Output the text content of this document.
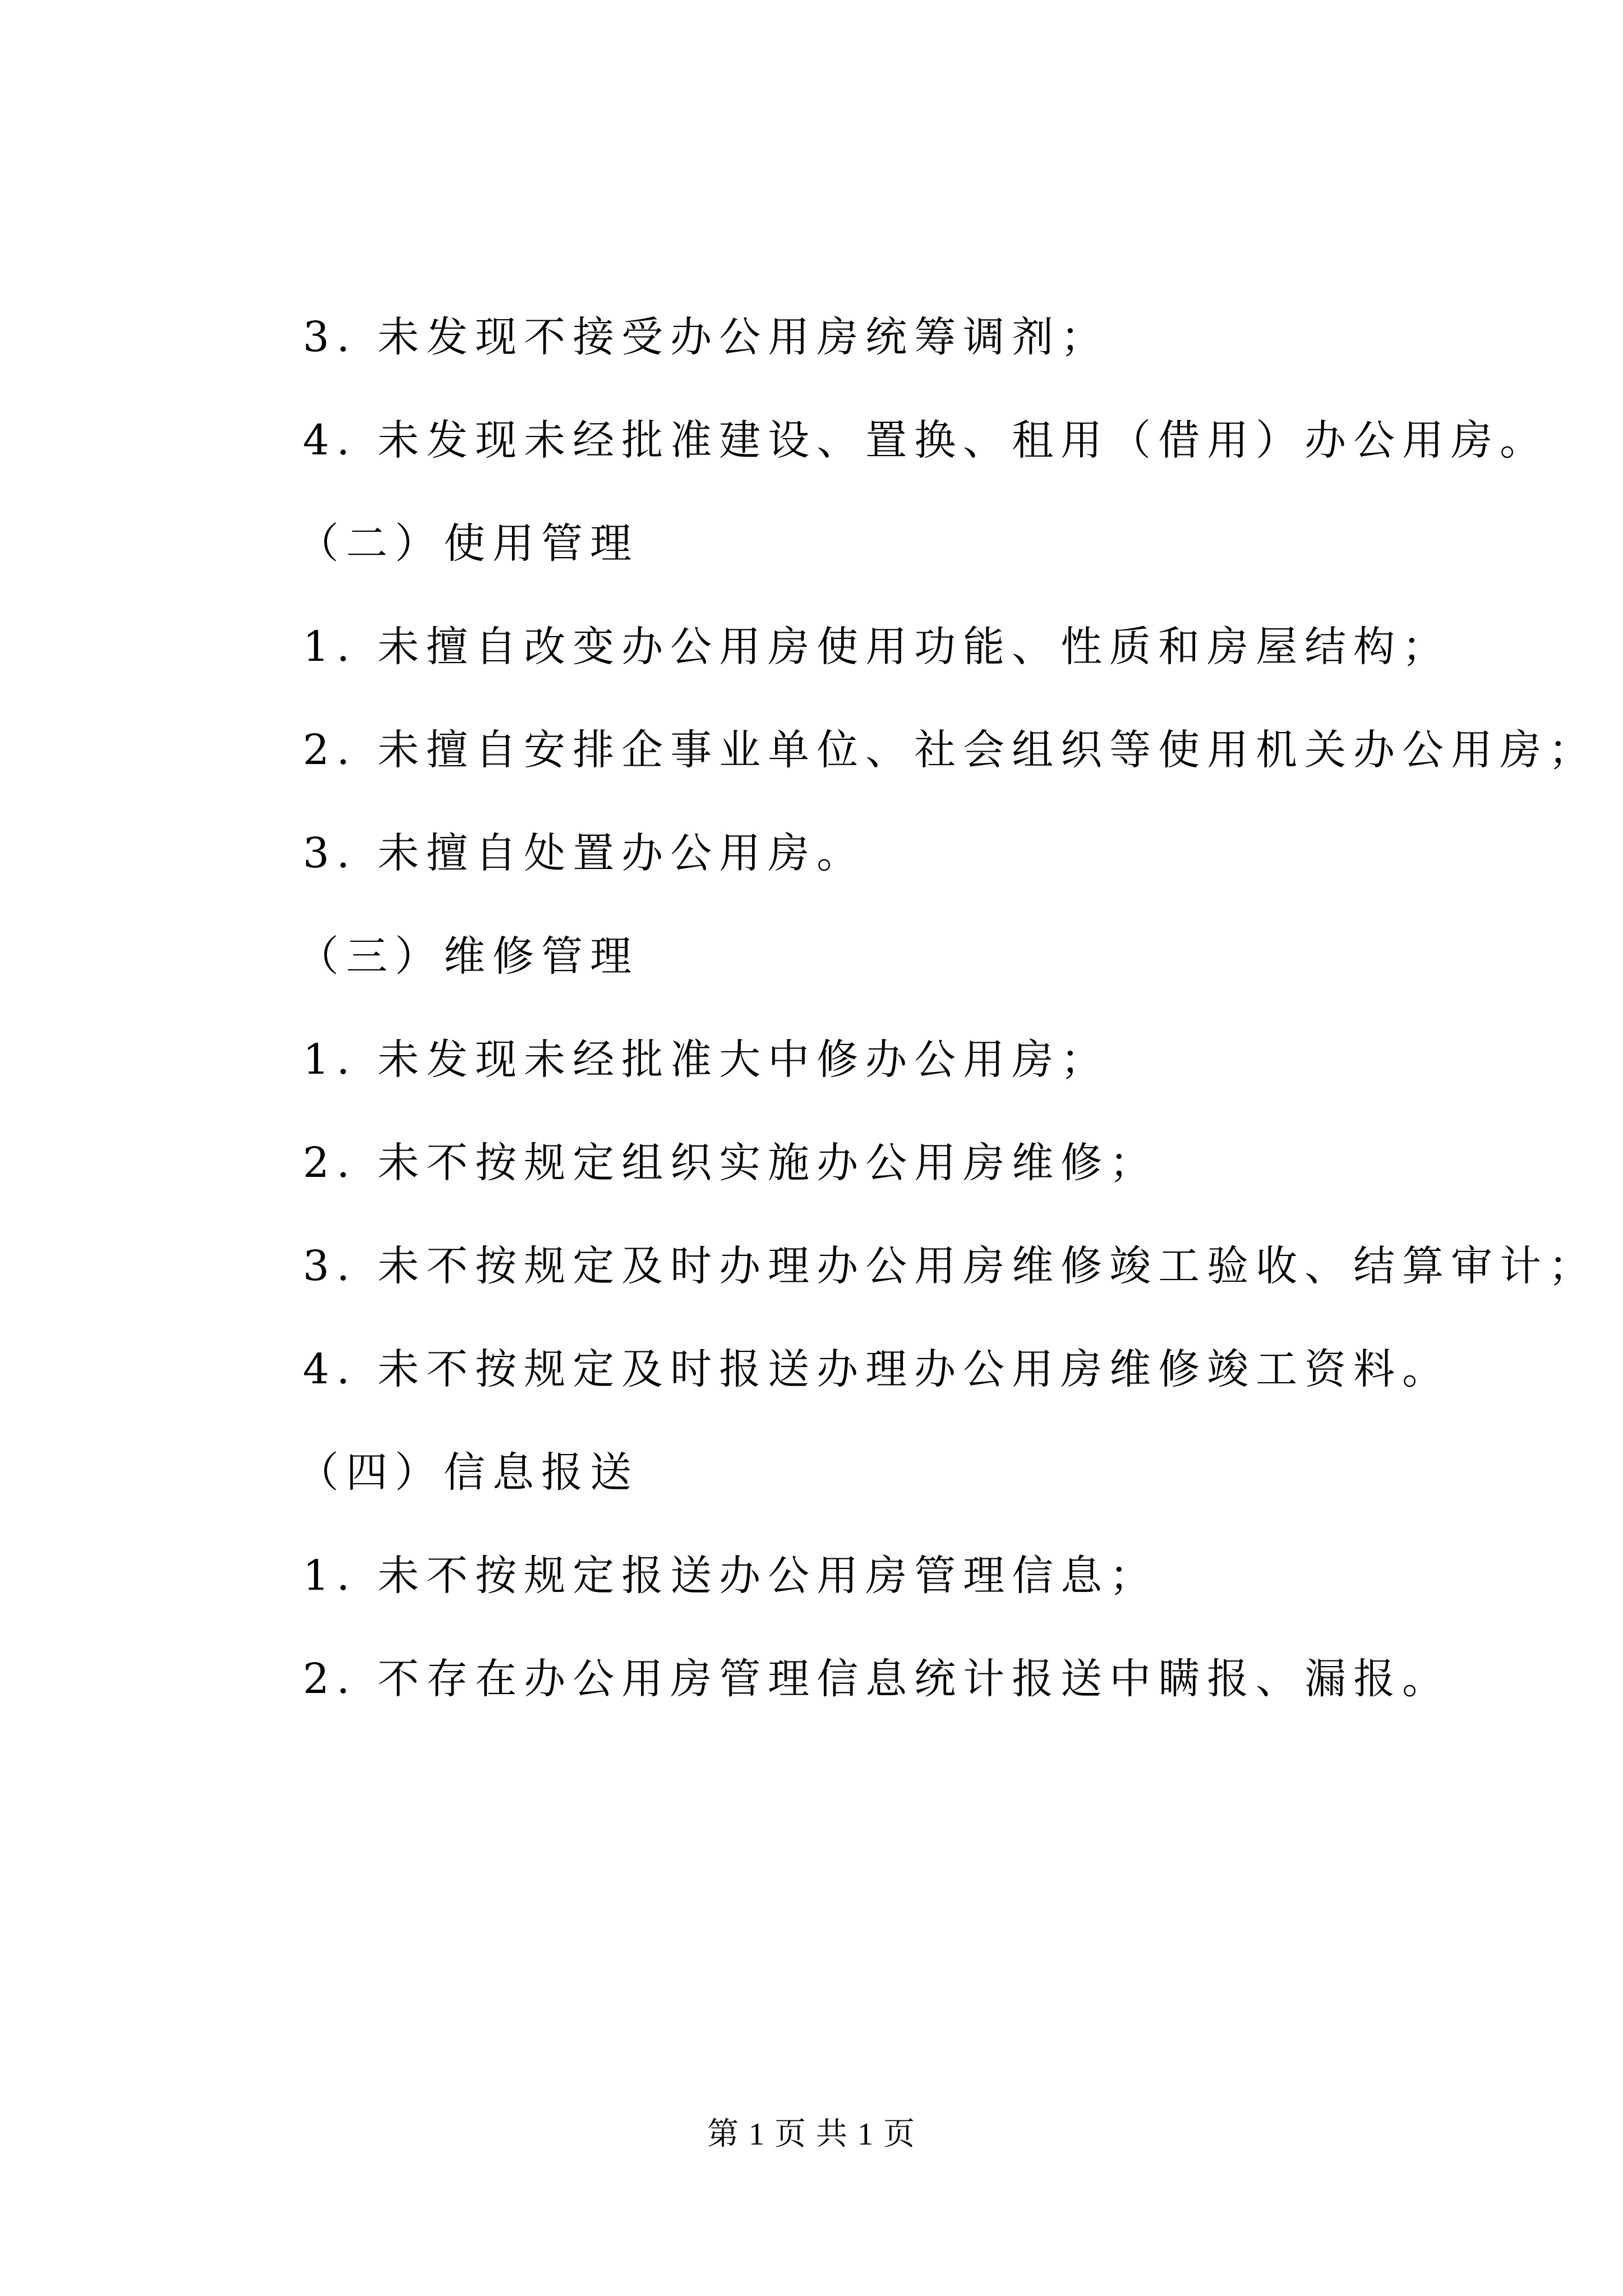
3. 未发现不接受办公用房统筹调剂；
4. 未发现未经批准建设、置换、租用（借用）办公用房。
（二）使用管理
1. 未擅自改变办公用房使用功能、性质和房屋结构；
2. 未擅自安排企事业单位、社会组织等使用机关办公用房；
3. 未擅自处置办公用房。
（三）维修管理
1. 未发现未经批准大中修办公用房；
2. 未不按规定组织实施办公用房维修；
3. 未不按规定及时办理办公用房维修竣工验收、结算审计；
4. 未不按规定及时报送办理办公用房维修竣工资料。
（四）信息报送
1. 未不按规定报送办公用房管理信息；
2. 不存在办公用房管理信息统计报送中瞒报、漏报。
第 1 页 共 1 页
